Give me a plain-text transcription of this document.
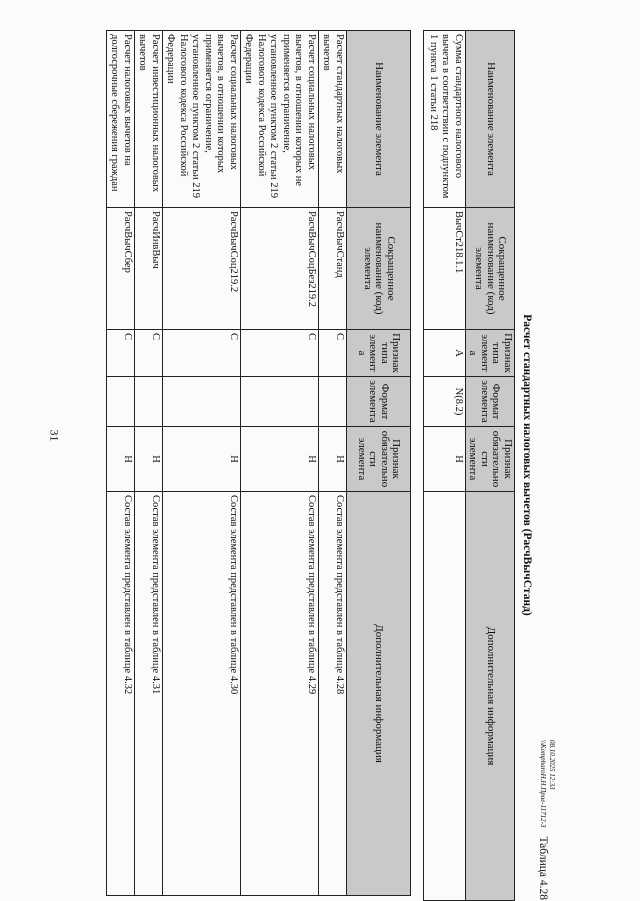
31
Наименование элемента	Сокращенное наименование (код) элемента	Признак типа элемента	Формат элемента	Признак обязательности элемента	Дополнительная информация
Расчет стандартных налоговых вычетов	РасчВычСтанд	С		Н	Состав элемента представлен в таблице 4.28
Расчет социальных налоговых вычетов, в отношении которых не применяется ограничение, установленное пунктом 2 статьи 219 Налогового кодекса Российской Федерации	РасчВычСоцБез219.2	С		Н	Состав элемента представлен в таблице 4.29
Расчет социальных налоговых вычетов, в отношении которых применяется ограничение, установленное пунктом 2 статьи 219 Налогового кодекса Российской Федерации	РасчВычСоц219.2	С		Н	Состав элемента представлен в таблице 4.30
Расчет инвестиционных налоговых вычетов	РасчИнвВыч	С		Н	Состав элемента представлен в таблице 4.31
Расчет налоговых вычетов на долгосрочные сбережения граждан	РасчВычСбер	С		Н	Состав элемента представлен в таблице 4.32
Таблица 4.28
Расчет стандартных налоговых вычетов (РасчВычСтанд)
Наименование элемента	Сокращенное наименование (код) элемента	Признак типа элемента	Формат элемента	Признак обязательности элемента	Дополнительная информация
Сумма стандартного налогового вычета в соответствии с подпунктом 1 пункта 1 статьи 218	ВычСт218.1.1	А	N(8.2)	Н	
08.10.2025 12:33
\\KompharoH.H.Пpue-11712-3
